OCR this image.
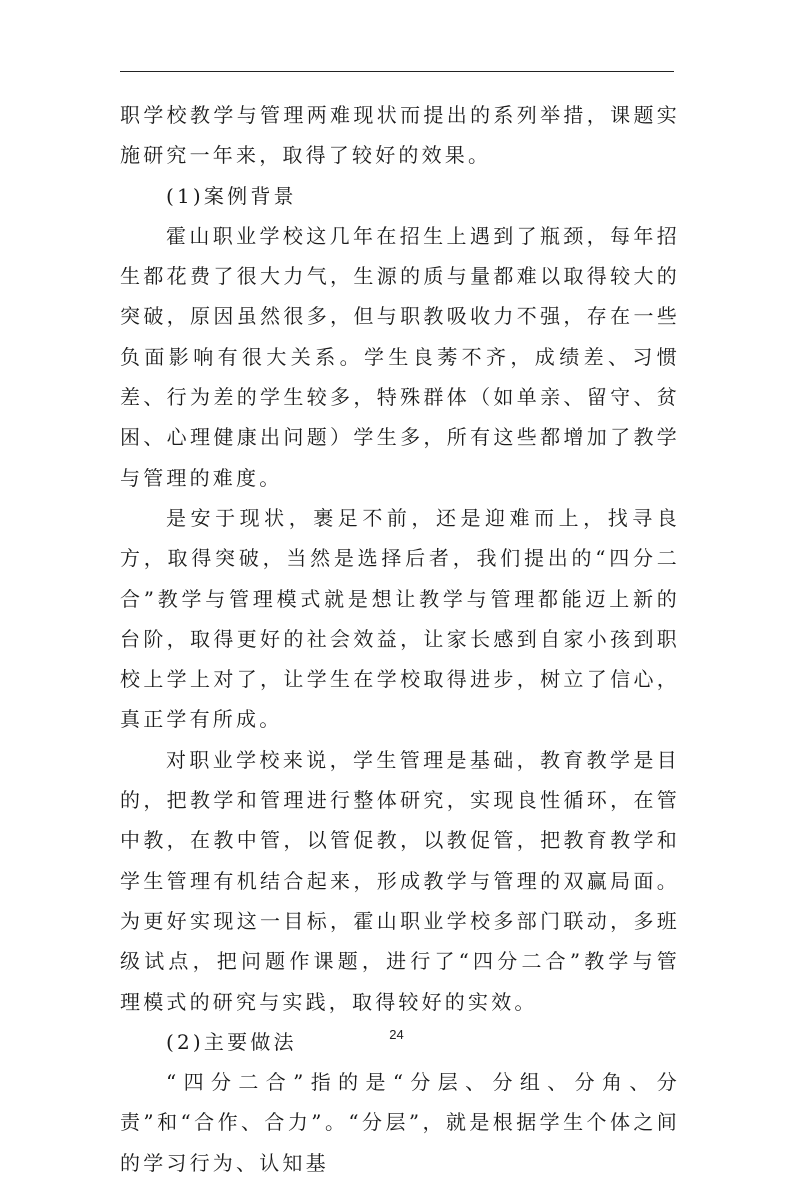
职学校教学与管理两难现状而提出的系列举措，课题实施研究一年来，取得了较好的效果。

(1)案例背景

霍山职业学校这几年在招生上遇到了瓶颈，每年招生都花费了很大力气，生源的质与量都难以取得较大的突破，原因虽然很多，但与职教吸收力不强，存在一些负面影响有很大关系。学生良莠不齐，成绩差、习惯差、行为差的学生较多，特殊群体（如单亲、留守、贫困、心理健康出问题）学生多，所有这些都增加了教学与管理的难度。

是安于现状，裹足不前，还是迎难而上，找寻良方，取得突破，当然是选择后者，我们提出的“四分二合”教学与管理模式就是想让教学与管理都能迈上新的台阶，取得更好的社会效益，让家长感到自家小孩到职校上学上对了，让学生在学校取得进步，树立了信心，真正学有所成。

对职业学校来说，学生管理是基础，教育教学是目的，把教学和管理进行整体研究，实现良性循环，在管中教，在教中管，以管促教，以教促管，把教育教学和学生管理有机结合起来，形成教学与管理的双赢局面。为更好实现这一目标，霍山职业学校多部门联动，多班级试点，把问题作课题，进行了“四分二合”教学与管理模式的研究与实践，取得较好的实效。

(2)主要做法

“四分二合”指的是“分层、分组、分角、分责”和“合作、合力”。“分层”，就是根据学生个体之间的学习行为、认知基

24
